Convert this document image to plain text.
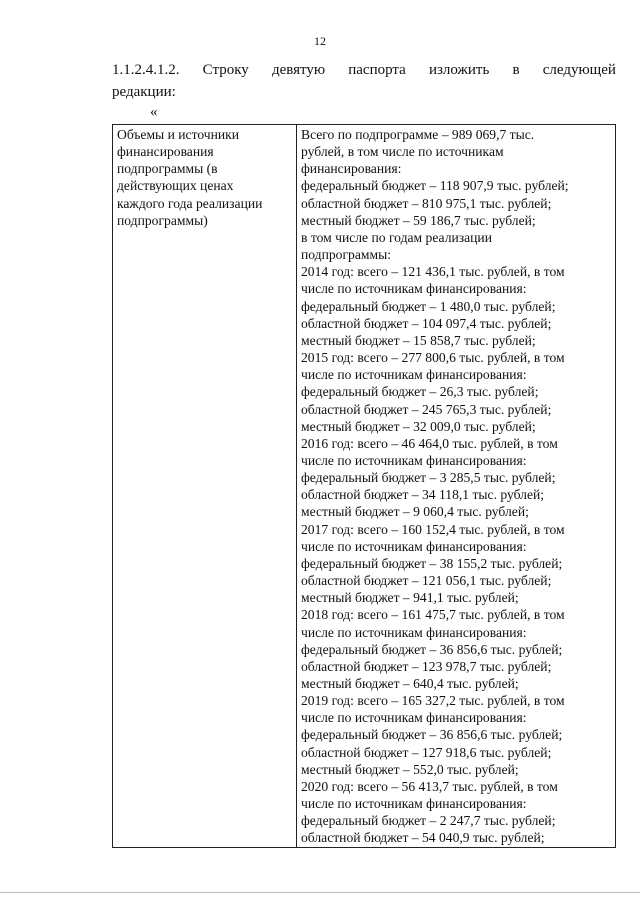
12
1.1.2.4.1.2. Строку девятую паспорта изложить в следующей
редакции:
«
Объемы и источники
финансирования
подпрограммы (в
действующих ценах
каждого года реализации
подпрограммы)

Всего по подпрограмме – 989 069,7 тыс.
рублей, в том числе по источникам
финансирования:
федеральный бюджет – 118 907,9 тыс. рублей;
областной бюджет – 810 975,1 тыс. рублей;
местный бюджет – 59 186,7 тыс. рублей;
в том числе по годам реализации
подпрограммы:
2014 год: всего – 121 436,1 тыс. рублей, в том
числе по источникам финансирования:
федеральный бюджет – 1 480,0 тыс. рублей;
областной бюджет – 104 097,4 тыс. рублей;
местный бюджет – 15 858,7 тыс. рублей;
2015 год: всего – 277 800,6 тыс. рублей, в том
числе по источникам финансирования:
федеральный бюджет – 26,3 тыс. рублей;
областной бюджет – 245 765,3 тыс. рублей;
местный бюджет – 32 009,0 тыс. рублей;
2016 год: всего – 46 464,0 тыс. рублей, в том
числе по источникам финансирования:
федеральный бюджет – 3 285,5 тыс. рублей;
областной бюджет – 34 118,1 тыс. рублей;
местный бюджет – 9 060,4 тыс. рублей;
2017 год: всего – 160 152,4 тыс. рублей, в том
числе по источникам финансирования:
федеральный бюджет – 38 155,2 тыс. рублей;
областной бюджет – 121 056,1 тыс. рублей;
местный бюджет – 941,1 тыс. рублей;
2018 год: всего – 161 475,7 тыс. рублей, в том
числе по источникам финансирования:
федеральный бюджет – 36 856,6 тыс. рублей;
областной бюджет – 123 978,7 тыс. рублей;
местный бюджет – 640,4 тыс. рублей;
2019 год: всего – 165 327,2 тыс. рублей, в том
числе по источникам финансирования:
федеральный бюджет – 36 856,6 тыс. рублей;
областной бюджет – 127 918,6 тыс. рублей;
местный бюджет – 552,0 тыс. рублей;
2020 год: всего – 56 413,7 тыс. рублей, в том
числе по источникам финансирования:
федеральный бюджет – 2 247,7 тыс. рублей;
областной бюджет – 54 040,9 тыс. рублей;
